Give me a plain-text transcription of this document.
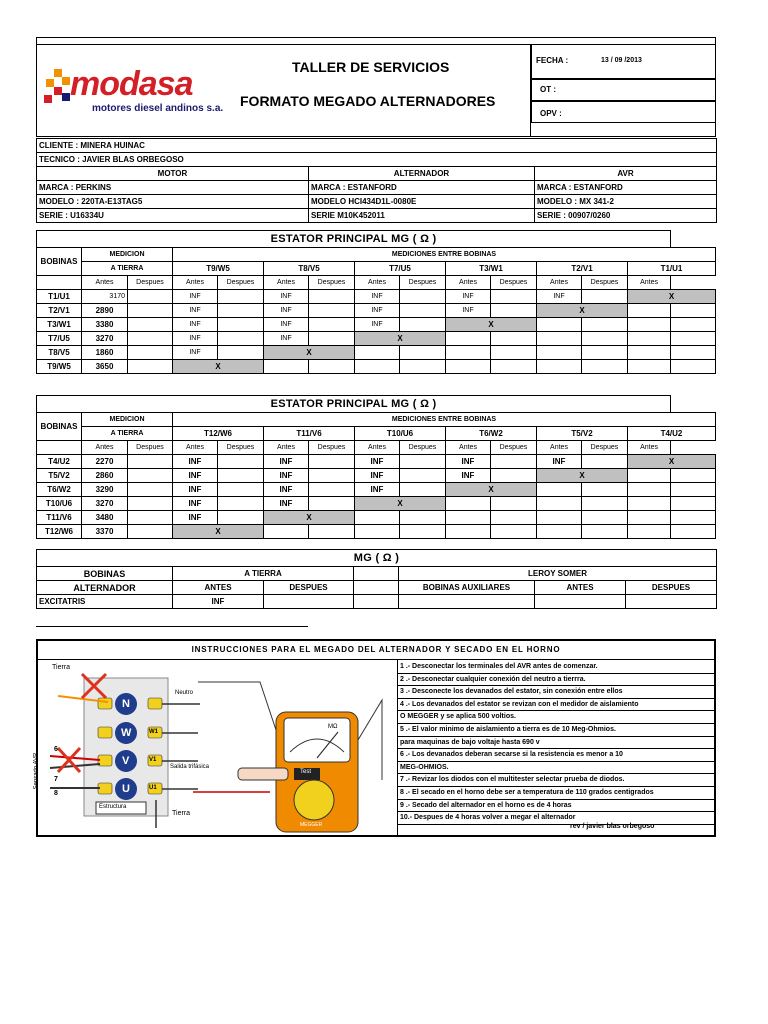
modasa
motores diesel andinos s.a.
TALLER DE SERVICIOS
FORMATO MEGADO ALTERNADORES
FECHA :	13 / 09 /2013
OT :
OPV :
CLIENTE : MINERA HUINAC		
TECNICO : JAVIER BLAS ORBEGOSO		
MOTOR	ALTERNADOR	AVR
MARCA : PERKINS	MARCA : ESTANFORD	MARCA : ESTANFORD
MODELO : 220TA-E13TAG5	MODELO HCI434D1L-0080E	MODELO : MX 341-2
SERIE : U16334U	SERIE M10K452011	SERIE : 00907/0260
ESTATOR PRINCIPAL MG ( Ω )														
BOBINAS	MEDICION		MEDICIONES ENTRE BOBINAS											
	A TIERRA		T9/W5		T8/V5		T7/U5		T3/W1		T2/V1		T1/U1	
	Antes	Despues	Antes	Despues	Antes	Despues	Antes	Despues	Antes	Despues	Antes	Despues	Antes	
T1/U1	3170		INF		INF		INF		INF		INF		X	
T2/V1	2890		INF		INF		INF		INF		X			
T3/W1	3380		INF		INF		INF		X					
T7/U5	3270		INF		INF		X							
T8/V5	1860		INF		X									
T9/W5	3650		X											
ESTATOR PRINCIPAL MG ( Ω )														
BOBINAS	MEDICION		MEDICIONES ENTRE BOBINAS											
	A TIERRA		T12/W6		T11/V6		T10/U6		T6/W2		T5/V2		T4/U2	
	Antes	Despues	Antes	Despues	Antes	Despues	Antes	Despues	Antes	Despues	Antes	Despues	Antes	
T4/U2	2270		INF		INF		INF		INF		INF		X	
T5/V2	2860		INF		INF		INF		INF		X			
T6/W2	3290		INF		INF		INF		X					
T10/U6	3270		INF		INF		X							
T11/V6	3480		INF		X									
T12/W6	3370		X											
MG ( Ω )						
BOBINAS	A TIERRA			LEROY SOMER		
ALTERNADOR	ANTES	DESPUES		BOBINAS AUXILIARES	ANTES	DESPUES
EXCITATRIS	INF					
INSTRUCCIONES PARA EL MEGADO DEL ALTERNADOR Y SECADO EN EL HORNO
1 .- Desconectar los terminales del AVR antes de comenzar.
2 .- Desconectar cualquier conexión del neutro a tierrra.
3 .- Desconecte los devanados del estator, sin conexión entre ellos
4 .- Los devanados del estator se revizan con el medidor de aislamiento
O MEGGER y se aplica 500 voltios.
5 .- El valor minimo de aislamiento a tierra es de 10 Meg-Ohmios.
para maquinas de bajo voltaje hasta 690 v
6 .- Los devanados deberan secarse si la resistencia es menor a 10
MEG-OHMIOS.
7 .- Revizar los diodos con el multitester selectar prueba de diodos.
8 .- El secado en el horno debe ser a temperatura de 110 grados centigrados
9 .- Secado del alternador en el horno es de 4 horas
10.- Despues de 4 horas volver a megar el alternador
rev / javier blas orbegoso
Tierra
Neutro
Sensado AVR	Salida trifásica
Estructura
Tierra
N
W
V
U
W1
V1
U1
6
7
8
Test
MΩ
MEGGER
